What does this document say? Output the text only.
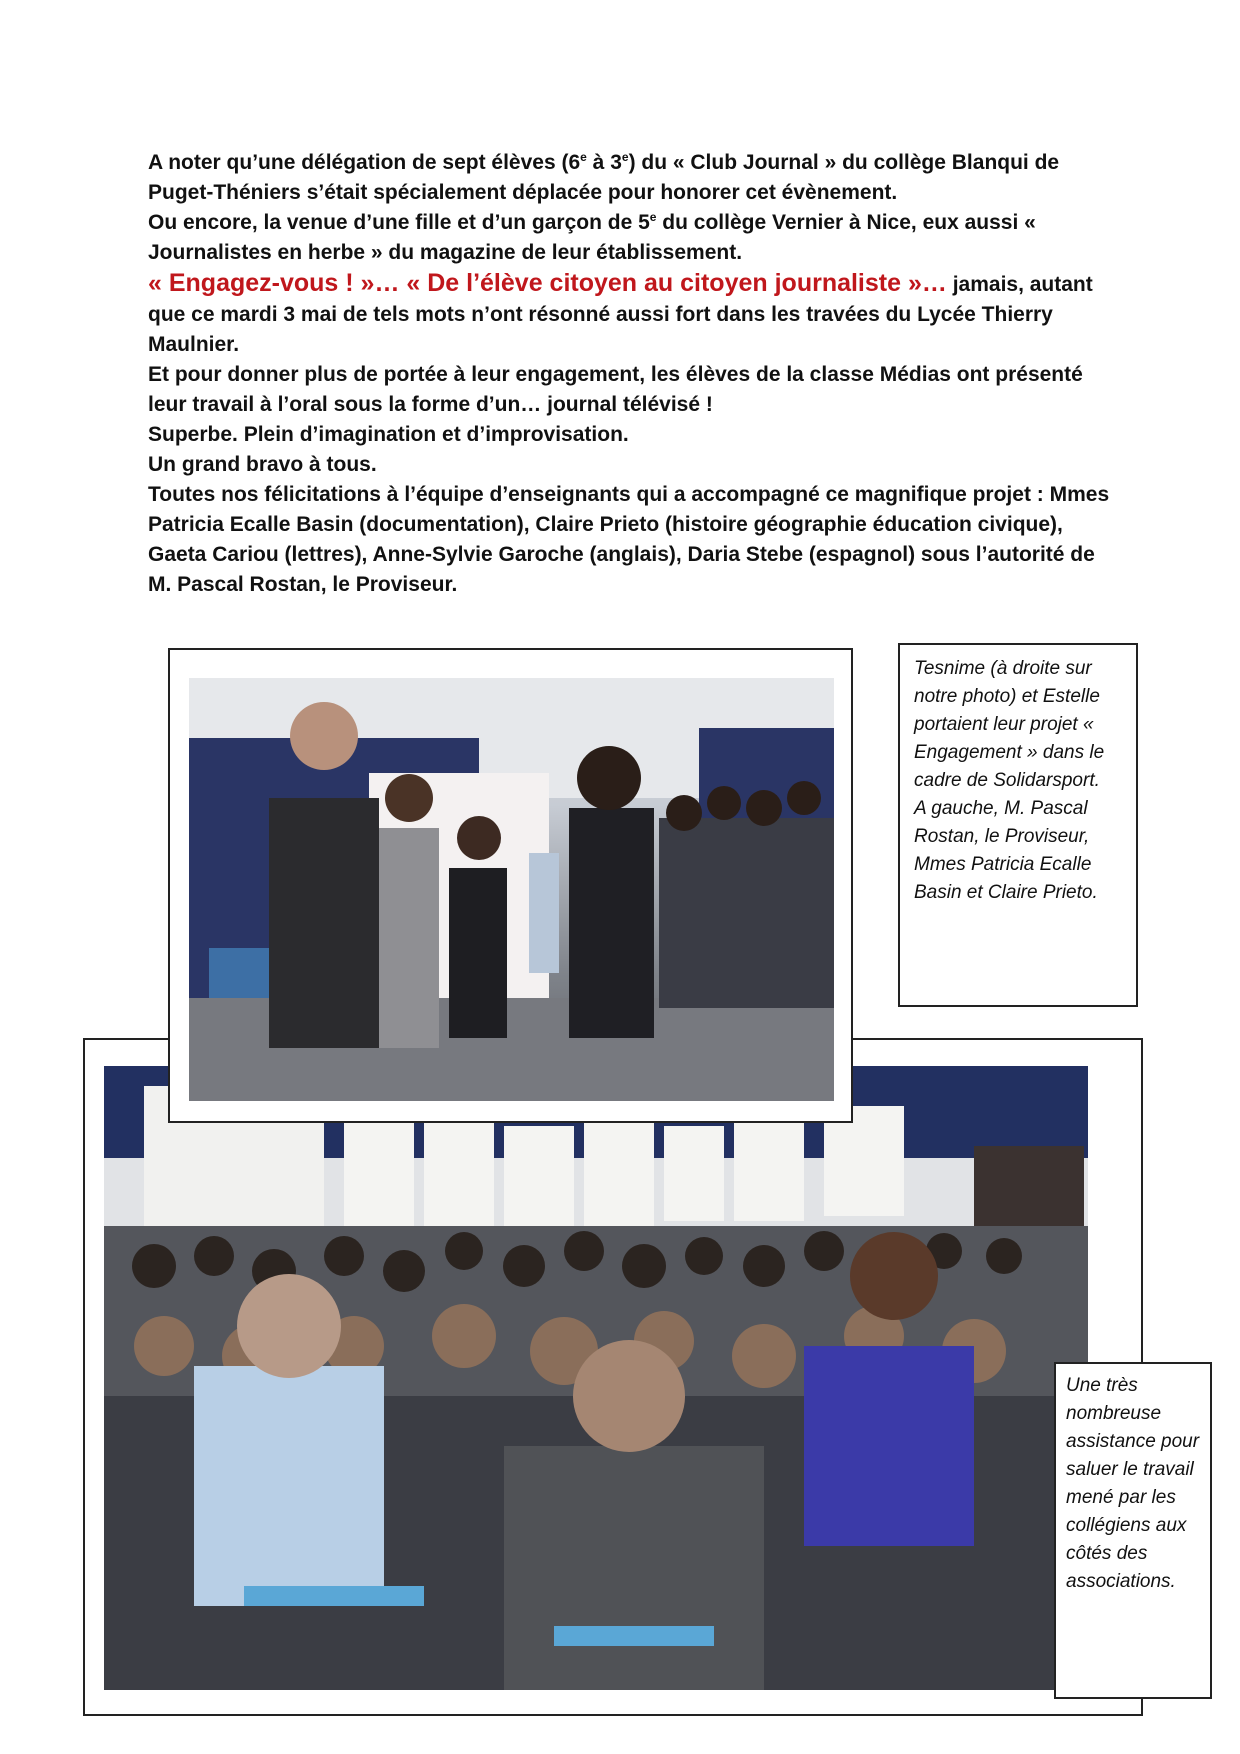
A noter qu’une délégation de sept élèves (6e à 3e) du « Club Journal » du collège Blanqui de Puget-Théniers s’était spécialement déplacée pour honorer cet évènement.

Ou encore, la venue d’une fille et d’un garçon de 5e du collège Vernier à Nice, eux aussi « Journalistes en herbe » du magazine de leur établissement.

« Engagez-vous ! »… « De l’élève citoyen au citoyen journaliste »… jamais, autant que ce mardi 3 mai de tels mots n’ont résonné aussi fort dans les travées du Lycée Thierry Maulnier.

Et pour donner plus de portée à leur engagement, les élèves de la classe Médias ont présenté leur travail à l’oral sous la forme d’un… journal télévisé !

Superbe. Plein d’imagination et d’improvisation.

Un grand bravo à tous.

Toutes nos félicitations à l’équipe d’enseignants qui a accompagné ce magnifique projet : Mmes Patricia Ecalle Basin (documentation), Claire Prieto (histoire géographie éducation civique), Gaeta Cariou (lettres), Anne-Sylvie Garoche (anglais), Daria Stebe (espagnol) sous l’autorité de M. Pascal Rostan, le Proviseur.

Tesnime (à droite sur notre photo) et Estelle portaient leur projet « Engagement » dans le cadre de Solidarsport.
A gauche, M. Pascal Rostan, le Proviseur, Mmes Patricia Ecalle Basin et Claire Prieto.
Une très nombreuse assistance pour saluer le travail mené par les collégiens aux côtés des associations.
